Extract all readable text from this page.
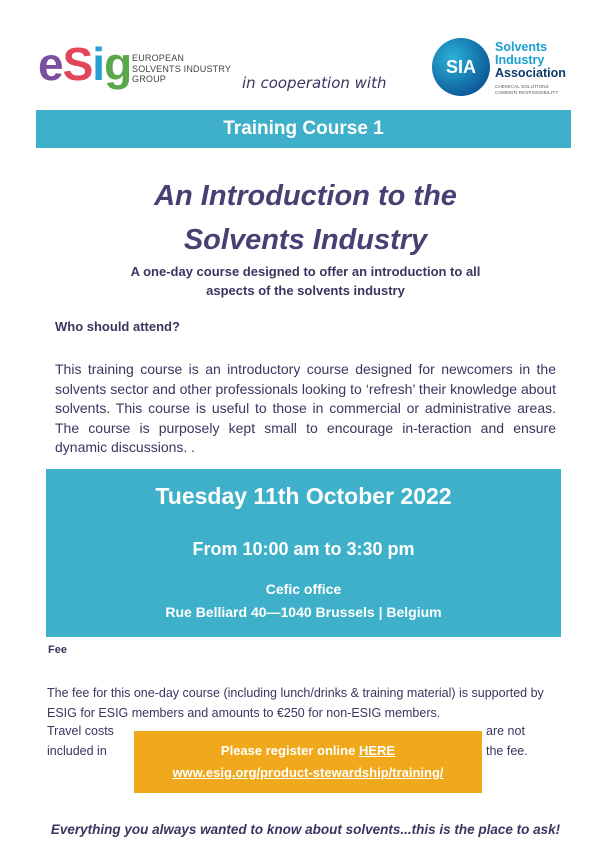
eSig EUROPEAN
SOLVENTS INDUSTRY
GROUP	in cooperation with
SIA
Solvents
Industry
Association
CHEMICAL SOLUTIONS
COMMON RESPONSIBILITY
Training Course 1
An Introduction to the
Solvents Industry
A one-day course designed to offer an introduction to all
aspects of the solvents industry
Who should attend?
This training course is an introductory course designed for newcomers in the solvents sector and other professionals looking to ‘refresh’ their knowledge about solvents. This course is useful to those in commercial or administrative areas. The course is purposely kept small to encourage in-teraction and ensure dynamic discussions. .
Tuesday 11th October 2022
From 10:00 am to 3:30 pm
Cefic office
Rue Belliard 40—1040 Brussels | Belgium
Fee
The fee for this one-day course (including lunch/drinks & training material) is supported by ESIG for ESIG members and amounts to €250 for non-ESIG members.
Travel costs
included in
are not
the fee.
Please register online HERE
www.esig.org/product-stewardship/training/
Everything you always wanted to know about solvents...this is the place to ask!
